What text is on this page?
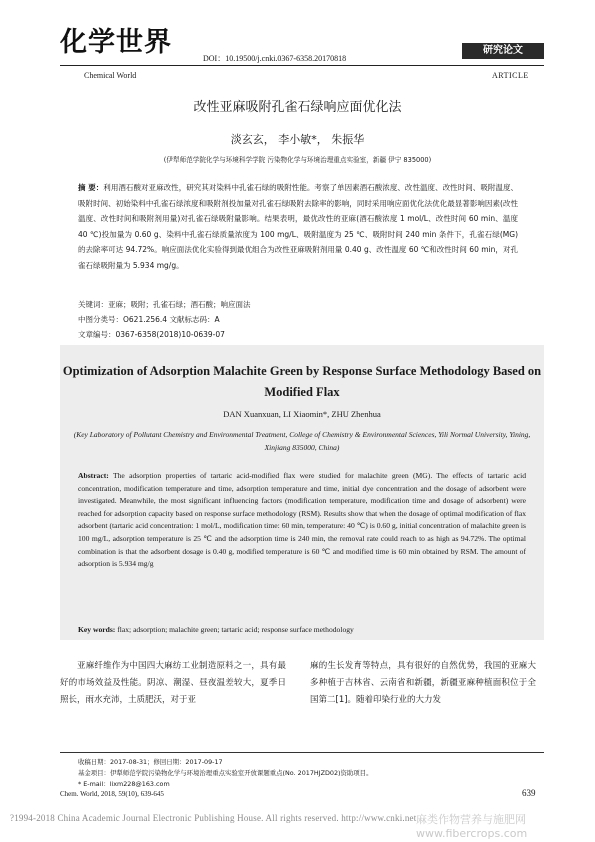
化学世界
Chemical World
DOI：10.19500/j.cnki.0367-6358.20170818
研究论文
ARTICLE
改性亚麻吸附孔雀石绿响应面优化法
淡玄玄， 李小敏*， 朱振华
(伊犁师范学院化学与环境科学学院 污染物化学与环境治理重点实验室，新疆 伊宁 835000)
摘 要：利用酒石酸对亚麻改性，研究其对染料中孔雀石绿的吸附性能。考察了单因素酒石酸浓度、改性温度、改性时间、吸附温度、吸附时间、初始染料中孔雀石绿浓度和吸附剂投加量对孔雀石绿吸附去除率的影响，同时采用响应面优化法优化最显著影响因素(改性温度、改性时间和吸附剂用量)对孔雀石绿吸附量影响。结果表明，最优改性的亚麻(酒石酸浓度 1 mol/L、改性时间 60 min、温度 40 ℃)投加量为 0.60 g、染料中孔雀石绿质量浓度为 100 mg/L、吸附温度为 25 ℃、吸附时间 240 min 条件下，孔雀石绿(MG)的去除率可达 94.72%。响应面法优化实验得到最优组合为改性亚麻吸附剂用量 0.40 g、改性温度 60 ℃和改性时间 60 min，对孔雀石绿吸附量为 5.934 mg/g。
关键词：亚麻；吸附；孔雀石绿；酒石酸；响应面法
中图分类号：O621.256.4 文献标志码：A
文章编号：0367-6358(2018)10-0639-07
Optimization of Adsorption Malachite Green by Response Surface Methodology Based on Modified Flax
DAN Xuanxuan, LI Xiaomin*, ZHU Zhenhua
(Key Laboratory of Pollutant Chemistry and Environmental Treatment, College of Chemistry & Environmental Sciences, Yili Normal University, Yining, Xinjiang 835000, China)
Abstract: The adsorption properties of tartaric acid-modified flax were studied for malachite green (MG). The effects of tartaric acid concentration, modification temperature and time, adsorption temperature and time, initial dye concentration and the dosage of adsorbent were investigated. Meanwhile, the most significant influencing factors (modification temperature, modification time and dosage of adsorbent) were reached for adsorption capacity based on response surface methodology (RSM). Results show that when the dosage of optimal modification of flax adsorbent (tartaric acid concentration: 1 mol/L, modification time: 60 min, temperature: 40 ℃) is 0.60 g, initial concentration of malachite green is 100 mg/L, adsorption temperature is 25 ℃ and the adsorption time is 240 min, the removal rate could reach to as high as 94.72%. The optimal combination is that the adsorbent dosage is 0.40 g, modified temperature is 60 ℃ and modified time is 60 min obtained by RSM. The amount of adsorption is 5.934 mg/g
Key words: flax; adsorption; malachite green; tartaric acid; response surface methodology
亚麻纤维作为中国四大麻纺工业制造原料之一，具有最好的市场效益及性能。阴凉、潮湿、昼夜温差较大，夏季日照长，雨水充沛，土质肥沃，对于亚
麻的生长发育等特点，具有很好的自然优势，我国的亚麻大多种植于吉林省、云南省和新疆，新疆亚麻种植面积位于全国第二[1]。随着印染行业的大力发
收稿日期：2017-08-31；修回日期：2017-09-17
基金项目：伊犁师范学院污染物化学与环境治理重点实验室开放课题重点(No. 2017HJZD02)资助项目。
* E-mail：lixm228@163.com
Chem. World, 2018, 59(10), 639-645	639
?1994-2018 China Academic Journal Electronic Publishing House. All rights reserved. http://www.cnki.net 麻类作物营养与施肥网 www.fibercrops.com
